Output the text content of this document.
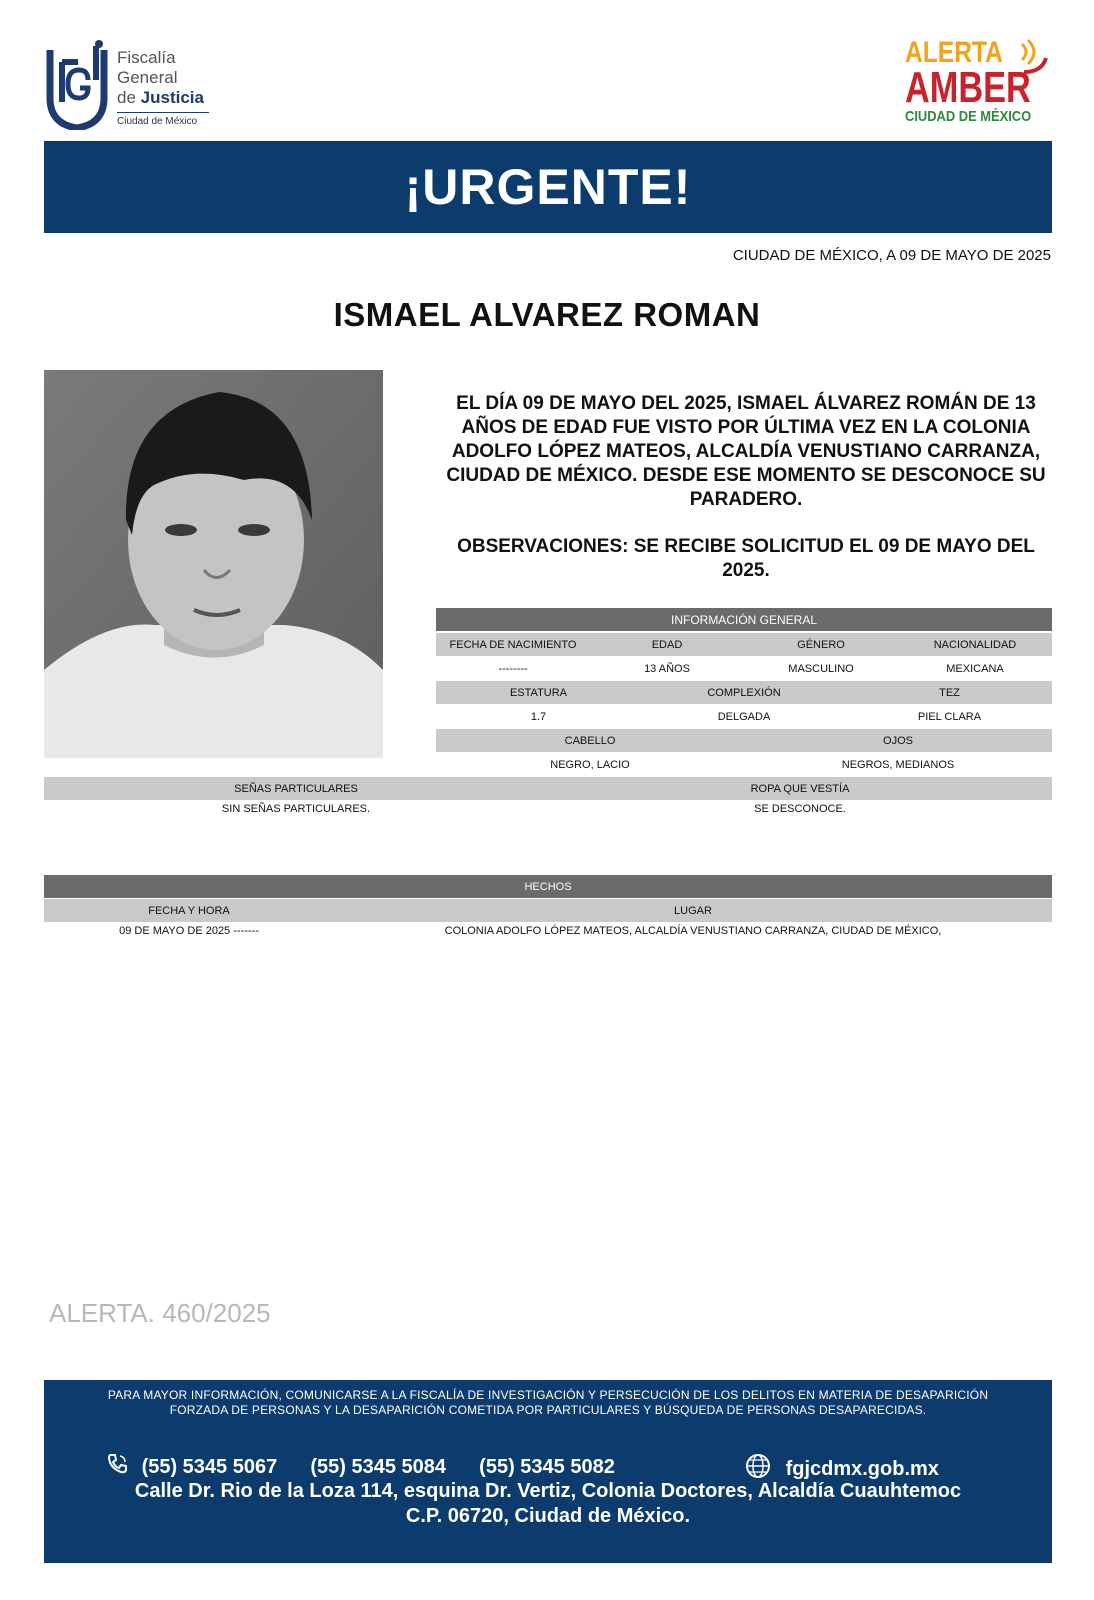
Fiscalía
General
de Justicia
Ciudad de México
ALERTA
AMBER
CIUDAD DE MÉXICO
¡URGENTE!
CIUDAD DE MÉXICO, A 09 DE MAYO DE 2025
ISMAEL ALVAREZ ROMAN
EL DÍA 09 DE MAYO DEL 2025, ISMAEL ÁLVAREZ ROMÁN DE 13 AÑOS DE EDAD FUE VISTO POR ÚLTIMA VEZ EN LA COLONIA ADOLFO LÓPEZ MATEOS, ALCALDÍA VENUSTIANO CARRANZA, CIUDAD DE MÉXICO. DESDE ESE MOMENTO SE DESCONOCE SU PARADERO.
OBSERVACIONES: SE RECIBE SOLICITUD EL 09 DE MAYO DEL 2025.
INFORMACIÓN GENERAL
FECHA DE NACIMIENTO	EDAD	GÉNERO	NACIONALIDAD
--------	13 AÑOS	MASCULINO	MEXICANA
ESTATURA	COMPLEXIÓN	TEZ
1.7	DELGADA	PIEL CLARA
CABELLO	OJOS
NEGRO, LACIO	NEGROS, MEDIANOS
SEÑAS PARTICULARES	ROPA QUE VESTÍA
SIN SEÑAS PARTICULARES.	SE DESCONOCE.
HECHOS
FECHA Y HORA	LUGAR
09 DE MAYO DE 2025 -------	COLONIA ADOLFO LÓPEZ MATEOS, ALCALDÍA VENUSTIANO CARRANZA, CIUDAD DE MÉXICO,
ALERTA. 460/2025
PARA MAYOR INFORMACIÓN, COMUNICARSE A LA FISCALÍA DE INVESTIGACIÓN Y PERSECUCIÓN DE LOS DELITOS EN MATERIA DE DESAPARICIÓN
FORZADA DE PERSONAS Y LA DESAPARICIÓN COMETIDA POR PARTICULARES Y BÚSQUEDA DE PERSONAS DESAPARECIDAS.
(55) 5345 5067 (55) 5345 5084 (55) 5345 5082	fgjcdmx.gob.mx
Calle Dr. Rio de la Loza 114, esquina Dr. Vertiz, Colonia Doctores, Alcaldía Cuauhtemoc
C.P. 06720, Ciudad de México.
